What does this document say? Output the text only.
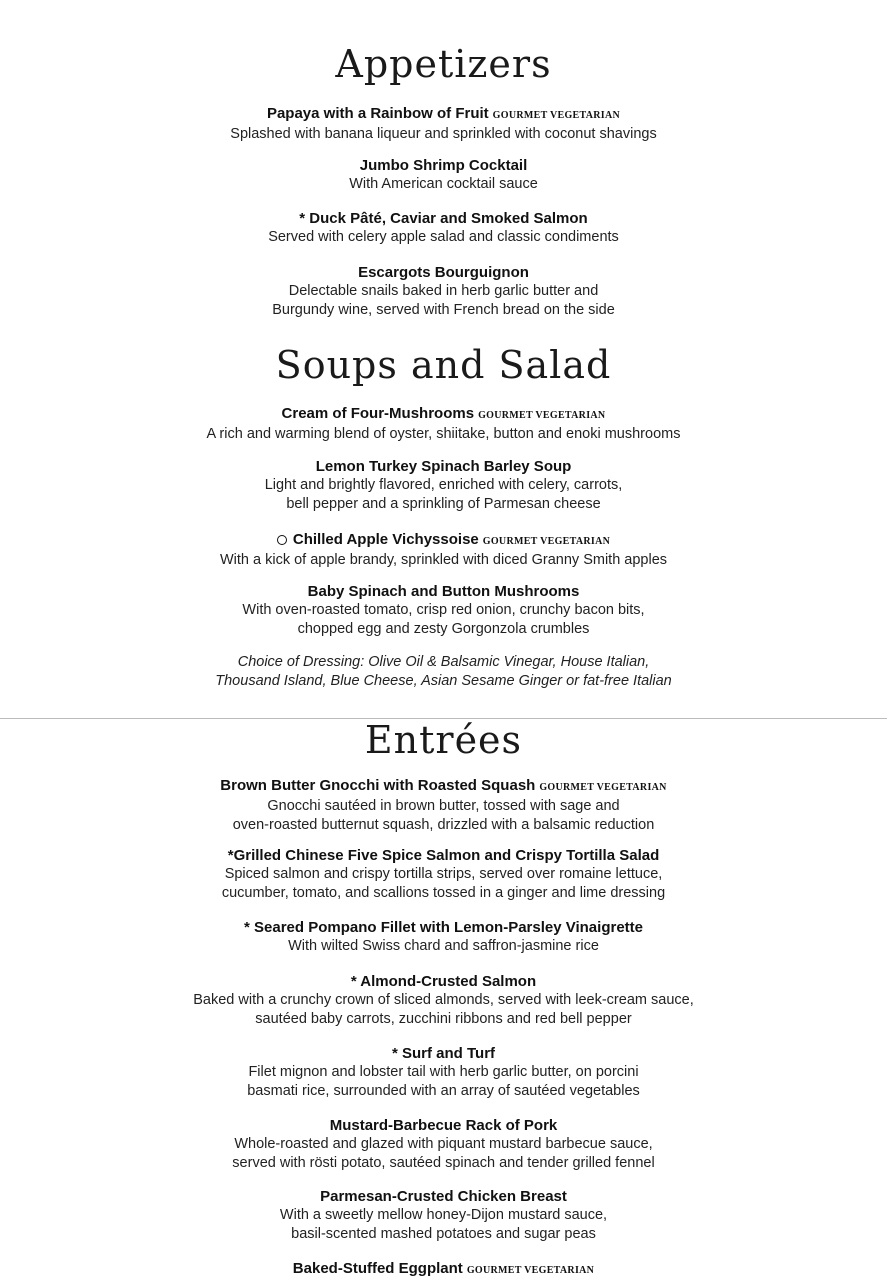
Appetizers
Papaya with a Rainbow of Fruit GOURMET VEGETARIAN
Splashed with banana liqueur and sprinkled with coconut shavings
Jumbo Shrimp Cocktail
With American cocktail sauce
* Duck Pâté, Caviar and Smoked Salmon
Served with celery apple salad and classic condiments
Escargots Bourguignon
Delectable snails baked in herb garlic butter and
Burgundy wine, served with French bread on the side
Soups and Salad
Cream of Four-Mushrooms GOURMET VEGETARIAN
A rich and warming blend of oyster, shiitake, button and enoki mushrooms
Lemon Turkey Spinach Barley Soup
Light and brightly flavored, enriched with celery, carrots,
bell pepper and a sprinkling of Parmesan cheese
Chilled Apple Vichyssoise GOURMET VEGETARIAN
With a kick of apple brandy, sprinkled with diced Granny Smith apples
Baby Spinach and Button Mushrooms
With oven-roasted tomato, crisp red onion, crunchy bacon bits,
chopped egg and zesty Gorgonzola crumbles
Choice of Dressing: Olive Oil & Balsamic Vinegar, House Italian,
Thousand Island, Blue Cheese, Asian Sesame Ginger or fat-free Italian
Entrées
Brown Butter Gnocchi with Roasted Squash GOURMET VEGETARIAN
Gnocchi sautéed in brown butter, tossed with sage and
oven-roasted butternut squash, drizzled with a balsamic reduction
*Grilled Chinese Five Spice Salmon and Crispy Tortilla Salad
Spiced salmon and crispy tortilla strips, served over romaine lettuce,
cucumber, tomato, and scallions tossed in a ginger and lime dressing
* Seared Pompano Fillet with Lemon-Parsley Vinaigrette
With wilted Swiss chard and saffron-jasmine rice
* Almond-Crusted Salmon
Baked with a crunchy crown of sliced almonds, served with leek-cream sauce,
sautéed baby carrots, zucchini ribbons and red bell pepper
* Surf and Turf
Filet mignon and lobster tail with herb garlic butter, on porcini
basmati rice, surrounded with an array of sautéed vegetables
Mustard-Barbecue Rack of Pork
Whole-roasted and glazed with piquant mustard barbecue sauce,
served with rösti potato, sautéed spinach and tender grilled fennel
Parmesan-Crusted Chicken Breast
With a sweetly mellow honey-Dijon mustard sauce,
basil-scented mashed potatoes and sugar peas
Baked-Stuffed Eggplant GOURMET VEGETARIAN
